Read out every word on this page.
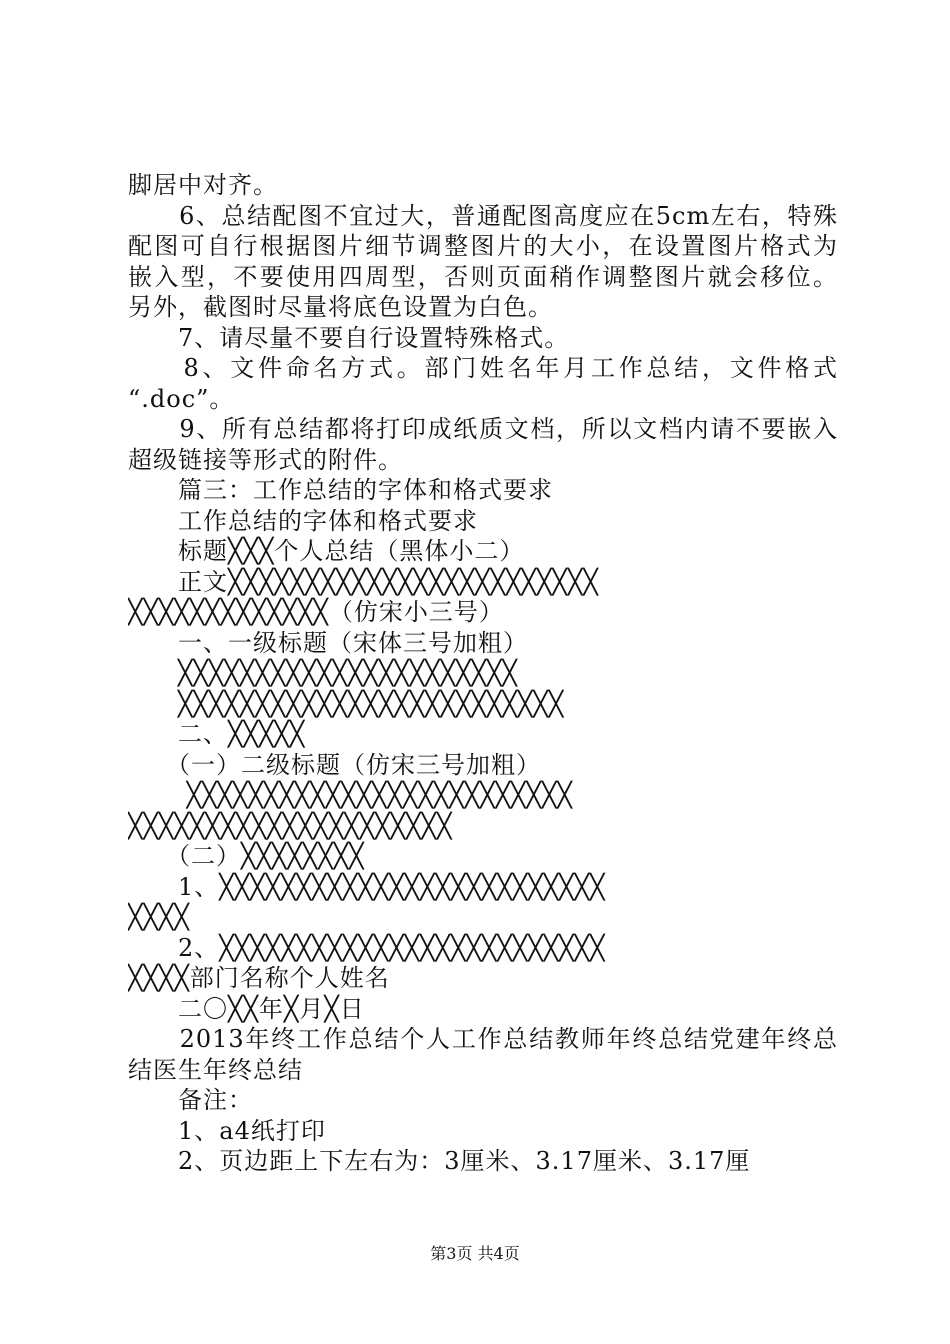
脚居中对齐。
　　6、总结配图不宜过大，普通配图高度应在5cm左右，特殊
配图可自行根据图片细节调整图片的大小，在设置图片格式为
嵌入型，不要使用四周型，否则页面稍作调整图片就会移位。
另外，截图时尽量将底色设置为白色。
　　7、请尽量不要自行设置特殊格式。
　　8、文件命名方式。部门姓名年月工作总结，文件格式
“.doc”。
　　9、所有总结都将打印成纸质文档，所以文档内请不要嵌入
超级链接等形式的附件。
　　篇三：工作总结的字体和格式要求
　　工作总结的字体和格式要求
　　标题╳╳╳个人总结（黑体小二）
　　正文╳╳╳╳╳╳╳╳╳╳╳╳╳╳╳╳╳╳╳╳╳╳╳╳
╳╳╳╳╳╳╳╳╳╳╳╳╳（仿宋小三号）
　　一、一级标题（宋体三号加粗）
　　╳╳╳╳╳╳╳╳╳╳╳╳╳╳╳╳╳╳╳╳╳╳
　　╳╳╳╳╳╳╳╳╳╳╳╳╳╳╳╳╳╳╳╳╳╳╳╳╳
　　二、╳╳╳╳╳
　　（一）二级标题（仿宋三号加粗）
　　 ╳╳╳╳╳╳╳╳╳╳╳╳╳╳╳╳╳╳╳╳╳╳╳╳╳
╳╳╳╳╳╳╳╳╳╳╳╳╳╳╳╳╳╳╳╳╳
　　（二）╳╳╳╳╳╳╳╳
　　1、╳╳╳╳╳╳╳╳╳╳╳╳╳╳╳╳╳╳╳╳╳╳╳╳╳
╳╳╳╳
　　2、╳╳╳╳╳╳╳╳╳╳╳╳╳╳╳╳╳╳╳╳╳╳╳╳╳
╳╳╳╳部门名称个人姓名
　　二〇╳╳年╳月╳日
　　2013年终工作总结个人工作总结教师年终总结党建年终总
结医生年终总结
　　备注：
　　1、a4纸打印
　　2、页边距上下左右为：3厘米、3.17厘米、3.17厘
第3页 共4页
